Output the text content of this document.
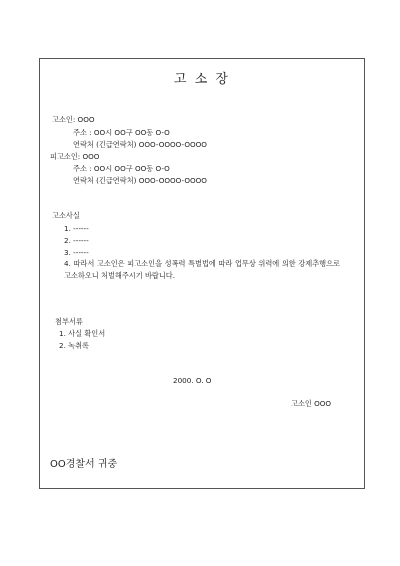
고 소 장
고소인: OOO
주소 : OO시 OO구 OO동 O-O
연락처 (긴급연락처) OOO-OOOO-OOOO
피고소인: OOO
주소 : OO시 OO구 OO동 O-O
연락처 (긴급연락처) OOO-OOOO-OOOO
고소사실
1. ------
2. ------
3. ------
4. 따라서 고소인은 피고소인을 성폭력 특별법에 따라 업무상 위력에 의한 강제추행으로 고소하오니 처벌해주시기 바랍니다.
첨부서류
1. 사실 확인서
2. 녹취록
2000. O. O
고소인 OOO
OO경찰서 귀중
